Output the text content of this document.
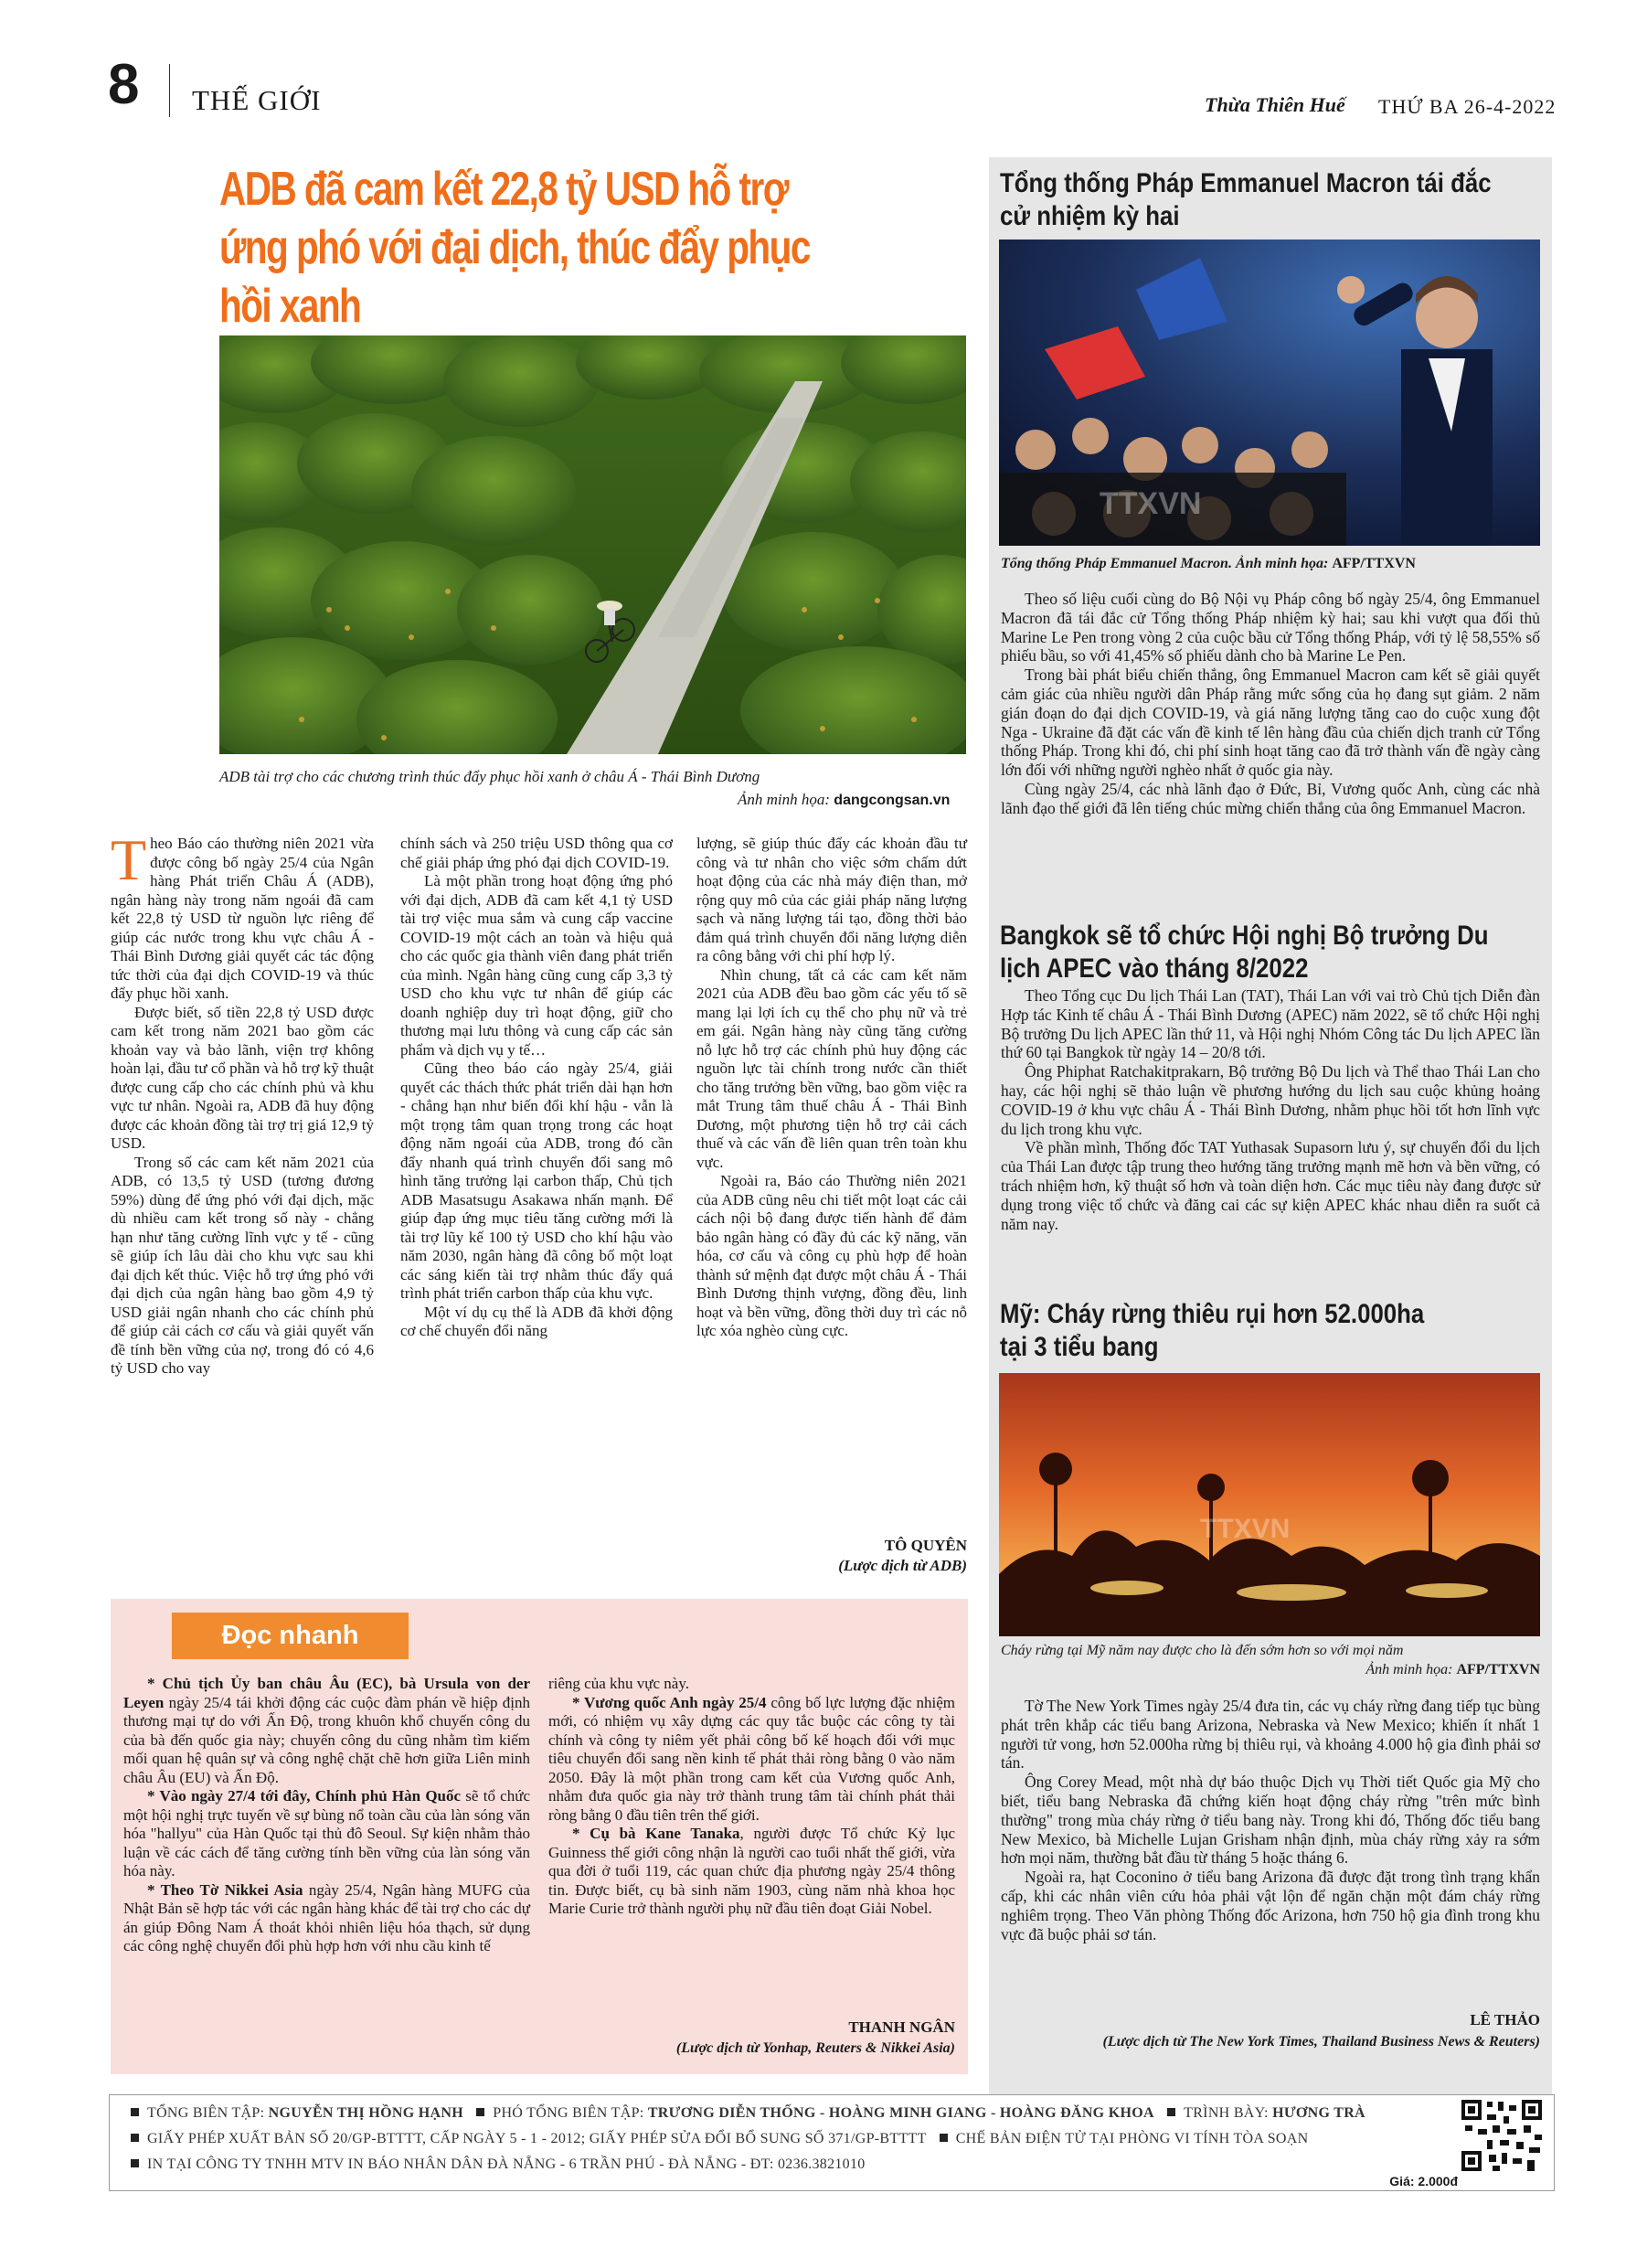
8 THẾ GIỚI	Thừa Thiên Huế THỨ BA 26-4-2022
ADB đã cam kết 22,8 tỷ USD hỗ trợ ứng phó với đại dịch, thúc đẩy phục hồi xanh
ADB tài trợ cho các chương trình thúc đẩy phục hồi xanh ở châu Á - Thái Bình Dương
Ảnh minh họa: dangcongsan.vn

Theo Báo cáo thường niên 2021 vừa được công bố ngày 25/4 của Ngân hàng Phát triển Châu Á (ADB), ngân hàng này trong năm ngoái đã cam kết 22,8 tỷ USD từ nguồn lực riêng để giúp các nước trong khu vực châu Á - Thái Bình Dương giải quyết các tác động tức thời của đại dịch COVID-19 và thúc đẩy phục hồi xanh.

Được biết, số tiền 22,8 tỷ USD được cam kết trong năm 2021 bao gồm các khoản vay và bảo lãnh, viện trợ không hoàn lại, đầu tư cổ phần và hỗ trợ kỹ thuật được cung cấp cho các chính phủ và khu vực tư nhân. Ngoài ra, ADB đã huy động được các khoản đồng tài trợ trị giá 12,9 tỷ USD.

Trong số các cam kết năm 2021 của ADB, có 13,5 tỷ USD (tương đương 59%) dùng để ứng phó với đại dịch, mặc dù nhiều cam kết trong số này - chẳng hạn như tăng cường lĩnh vực y tế - cũng sẽ giúp ích lâu dài cho khu vực sau khi đại dịch kết thúc. Việc hỗ trợ ứng phó với đại dịch của ngân hàng bao gồm 4,9 tỷ USD giải ngân nhanh cho các chính phủ để giúp cải cách cơ cấu và giải quyết vấn đề tính bền vững của nợ, trong đó có 4,6 tỷ USD cho vay

chính sách và 250 triệu USD thông qua cơ chế giải pháp ứng phó đại dịch COVID-19.

Là một phần trong hoạt động ứng phó với đại dịch, ADB đã cam kết 4,1 tỷ USD tài trợ việc mua sắm và cung cấp vaccine COVID-19 một cách an toàn và hiệu quả cho các quốc gia thành viên đang phát triển của mình. Ngân hàng cũng cung cấp 3,3 tỷ USD cho khu vực tư nhân để giúp các doanh nghiệp duy trì hoạt động, giữ cho thương mại lưu thông và cung cấp các sản phẩm và dịch vụ y tế…

Cũng theo báo cáo ngày 25/4, giải quyết các thách thức phát triển dài hạn hơn - chẳng hạn như biến đổi khí hậu - vẫn là một trọng tâm quan trọng trong các hoạt động năm ngoái của ADB, trong đó cần đẩy nhanh quá trình chuyển đổi sang mô hình tăng trưởng lại carbon thấp, Chủ tịch ADB Masatsugu Asakawa nhấn mạnh. Để giúp đạp ứng mục tiêu tăng cường mới là tài trợ lũy kế 100 tỷ USD cho khí hậu vào năm 2030, ngân hàng đã công bố một loạt các sáng kiến tài trợ nhằm thúc đẩy quá trình phát triển carbon thấp của khu vực.

Một ví dụ cụ thể là ADB đã khởi động cơ chế chuyển đổi năng

lượng, sẽ giúp thúc đẩy các khoản đầu tư công và tư nhân cho việc sớm chấm dứt hoạt động của các nhà máy điện than, mở rộng quy mô của các giải pháp năng lượng sạch và năng lượng tái tạo, đồng thời bảo đảm quá trình chuyển đổi năng lượng diễn ra công bằng với chi phí hợp lý.

Nhìn chung, tất cả các cam kết năm 2021 của ADB đều bao gồm các yếu tố sẽ mang lại lợi ích cụ thể cho phụ nữ và trẻ em gái. Ngân hàng này cũng tăng cường nỗ lực hỗ trợ các chính phủ huy động các nguồn lực tài chính trong nước cần thiết cho tăng trưởng bền vững, bao gồm việc ra mắt Trung tâm thuế châu Á - Thái Bình Dương, một phương tiện hỗ trợ cải cách thuế và các vấn đề liên quan trên toàn khu vực.

Ngoài ra, Báo cáo Thường niên 2021 của ADB cũng nêu chi tiết một loạt các cải cách nội bộ đang được tiến hành để đảm bảo ngân hàng có đầy đủ các kỹ năng, văn hóa, cơ cấu và công cụ phù hợp để hoàn thành sứ mệnh đạt được một châu Á - Thái Bình Dương thịnh vượng, đồng đều, linh hoạt và bền vững, đồng thời duy trì các nỗ lực xóa nghèo cùng cực.

TÔ QUYÊN
(Lược dịch từ ADB)
Tổng thống Pháp Emmanuel Macron tái đắc cử nhiệm kỳ hai
TTXVN
Tổng thống Pháp Emmanuel Macron. Ảnh minh họa: AFP/TTXVN

Theo số liệu cuối cùng do Bộ Nội vụ Pháp công bố ngày 25/4, ông Emmanuel Macron đã tái đắc cử Tổng thống Pháp nhiệm kỳ hai; sau khi vượt qua đối thủ Marine Le Pen trong vòng 2 của cuộc bầu cử Tổng thống Pháp, với tỷ lệ 58,55% số phiếu bầu, so với 41,45% số phiếu dành cho bà Marine Le Pen.

Trong bài phát biểu chiến thắng, ông Emmanuel Macron cam kết sẽ giải quyết cảm giác của nhiều người dân Pháp rằng mức sống của họ đang sụt giảm. 2 năm gián đoạn do đại dịch COVID-19, và giá năng lượng tăng cao do cuộc xung đột Nga - Ukraine đã đặt các vấn đề kinh tế lên hàng đầu của chiến dịch tranh cử Tổng thống Pháp. Trong khi đó, chi phí sinh hoạt tăng cao đã trở thành vấn đề ngày càng lớn đối với những người nghèo nhất ở quốc gia này.

Cùng ngày 25/4, các nhà lãnh đạo ở Đức, Bỉ, Vương quốc Anh, cùng các nhà lãnh đạo thế giới đã lên tiếng chúc mừng chiến thắng của ông Emmanuel Macron.

Bangkok sẽ tổ chức Hội nghị Bộ trưởng Du lịch APEC vào tháng 8/2022

Theo Tổng cục Du lịch Thái Lan (TAT), Thái Lan với vai trò Chủ tịch Diễn đàn Hợp tác Kinh tế châu Á - Thái Bình Dương (APEC) năm 2022, sẽ tổ chức Hội nghị Bộ trưởng Du lịch APEC lần thứ 11, và Hội nghị Nhóm Công tác Du lịch APEC lần thứ 60 tại Bangkok từ ngày 14 – 20/8 tới.

Ông Phiphat Ratchakitprakarn, Bộ trưởng Bộ Du lịch và Thể thao Thái Lan cho hay, các hội nghị sẽ thảo luận về phương hướng du lịch sau cuộc khủng hoảng COVID-19 ở khu vực châu Á - Thái Bình Dương, nhằm phục hồi tốt hơn lĩnh vực du lịch trong khu vực.

Về phần mình, Thống đốc TAT Yuthasak Supasorn lưu ý, sự chuyển đổi du lịch của Thái Lan được tập trung theo hướng tăng trưởng mạnh mẽ hơn và bền vững, có trách nhiệm hơn, kỹ thuật số hơn và toàn diện hơn. Các mục tiêu này đang được sử dụng trong việc tổ chức và đăng cai các sự kiện APEC khác nhau diễn ra suốt cả năm nay.

Mỹ: Cháy rừng thiêu rụi hơn 52.000ha tại 3 tiểu bang
TTXVN
Cháy rừng tại Mỹ năm nay được cho là đến sớm hơn so với mọi năm
Ảnh minh họa: AFP/TTXVN

Tờ The New York Times ngày 25/4 đưa tin, các vụ cháy rừng đang tiếp tục bùng phát trên khắp các tiểu bang Arizona, Nebraska và New Mexico; khiến ít nhất 1 người tử vong, hơn 52.000ha rừng bị thiêu rụi, và khoảng 4.000 hộ gia đình phải sơ tán.

Ông Corey Mead, một nhà dự báo thuộc Dịch vụ Thời tiết Quốc gia Mỹ cho biết, tiểu bang Nebraska đã chứng kiến hoạt động cháy rừng "trên mức bình thường" trong mùa cháy rừng ở tiểu bang này. Trong khi đó, Thống đốc tiểu bang New Mexico, bà Michelle Lujan Grisham nhận định, mùa cháy rừng xảy ra sớm hơn mọi năm, thường bắt đầu từ tháng 5 hoặc tháng 6.

Ngoài ra, hạt Coconino ở tiểu bang Arizona đã được đặt trong tình trạng khẩn cấp, khi các nhân viên cứu hỏa phải vật lộn để ngăn chặn một đám cháy rừng nghiêm trọng. Theo Văn phòng Thống đốc Arizona, hơn 750 hộ gia đình trong khu vực đã buộc phải sơ tán.

LÊ THẢO
(Lược dịch từ The New York Times, Thailand Business News & Reuters)
Đọc nhanh

* Chủ tịch Ủy ban châu Âu (EC), bà Ursula von der Leyen ngày 25/4 tái khởi động các cuộc đàm phán về hiệp định thương mại tự do với Ấn Độ, trong khuôn khổ chuyến công du của bà đến quốc gia này; chuyến công du cũng nhằm tìm kiếm mối quan hệ quân sự và công nghệ chặt chẽ hơn giữa Liên minh châu Âu (EU) và Ấn Độ.

* Vào ngày 27/4 tới đây, Chính phủ Hàn Quốc sẽ tổ chức một hội nghị trực tuyến về sự bùng nổ toàn cầu của làn sóng văn hóa "hallyu" của Hàn Quốc tại thủ đô Seoul. Sự kiện nhằm thảo luận về các cách để tăng cường tính bền vững của làn sóng văn hóa này.

* Theo Tờ Nikkei Asia ngày 25/4, Ngân hàng MUFG của Nhật Bản sẽ hợp tác với các ngân hàng khác để tài trợ cho các dự án giúp Đông Nam Á thoát khỏi nhiên liệu hóa thạch, sử dụng các công nghệ chuyển đổi phù hợp hơn với nhu cầu kinh tế

riêng của khu vực này.

* Vương quốc Anh ngày 25/4 công bố lực lượng đặc nhiệm mới, có nhiệm vụ xây dựng các quy tắc buộc các công ty tài chính và công ty niêm yết phải công bố kế hoạch đối với mục tiêu chuyển đổi sang nền kinh tế phát thải ròng bằng 0 vào năm 2050. Đây là một phần trong cam kết của Vương quốc Anh, nhằm đưa quốc gia này trở thành trung tâm tài chính phát thải ròng bằng 0 đầu tiên trên thế giới.

* Cụ bà Kane Tanaka, người được Tổ chức Kỷ lục Guinness thế giới công nhận là người cao tuổi nhất thế giới, vừa qua đời ở tuổi 119, các quan chức địa phương ngày 25/4 thông tin. Được biết, cụ bà sinh năm 1903, cùng năm nhà khoa học Marie Curie trở thành người phụ nữ đầu tiên đoạt Giải Nobel.

THANH NGÂN
(Lược dịch từ Yonhap, Reuters & Nikkei Asia)
TỔNG BIÊN TẬP: NGUYỄN THỊ HỒNG HẠNH PHÓ TỔNG BIÊN TẬP: TRƯƠNG DIỄN THỐNG - HOÀNG MINH GIANG - HOÀNG ĐĂNG KHOA TRÌNH BÀY: HƯƠNG TRÀ
GIẤY PHÉP XUẤT BẢN SỐ 20/GP-BTTTT, CẤP NGÀY 5 - 1 - 2012; GIẤY PHÉP SỬA ĐỔI BỔ SUNG SỐ 371/GP-BTTTT CHẾ BẢN ĐIỆN TỬ TẠI PHÒNG VI TÍNH TÒA SOẠN
IN TẠI CÔNG TY TNHH MTV IN BÁO NHÂN DÂN ĐÀ NẴNG - 6 TRẦN PHÚ - ĐÀ NẴNG - ĐT: 0236.3821010
Giá: 2.000đ
